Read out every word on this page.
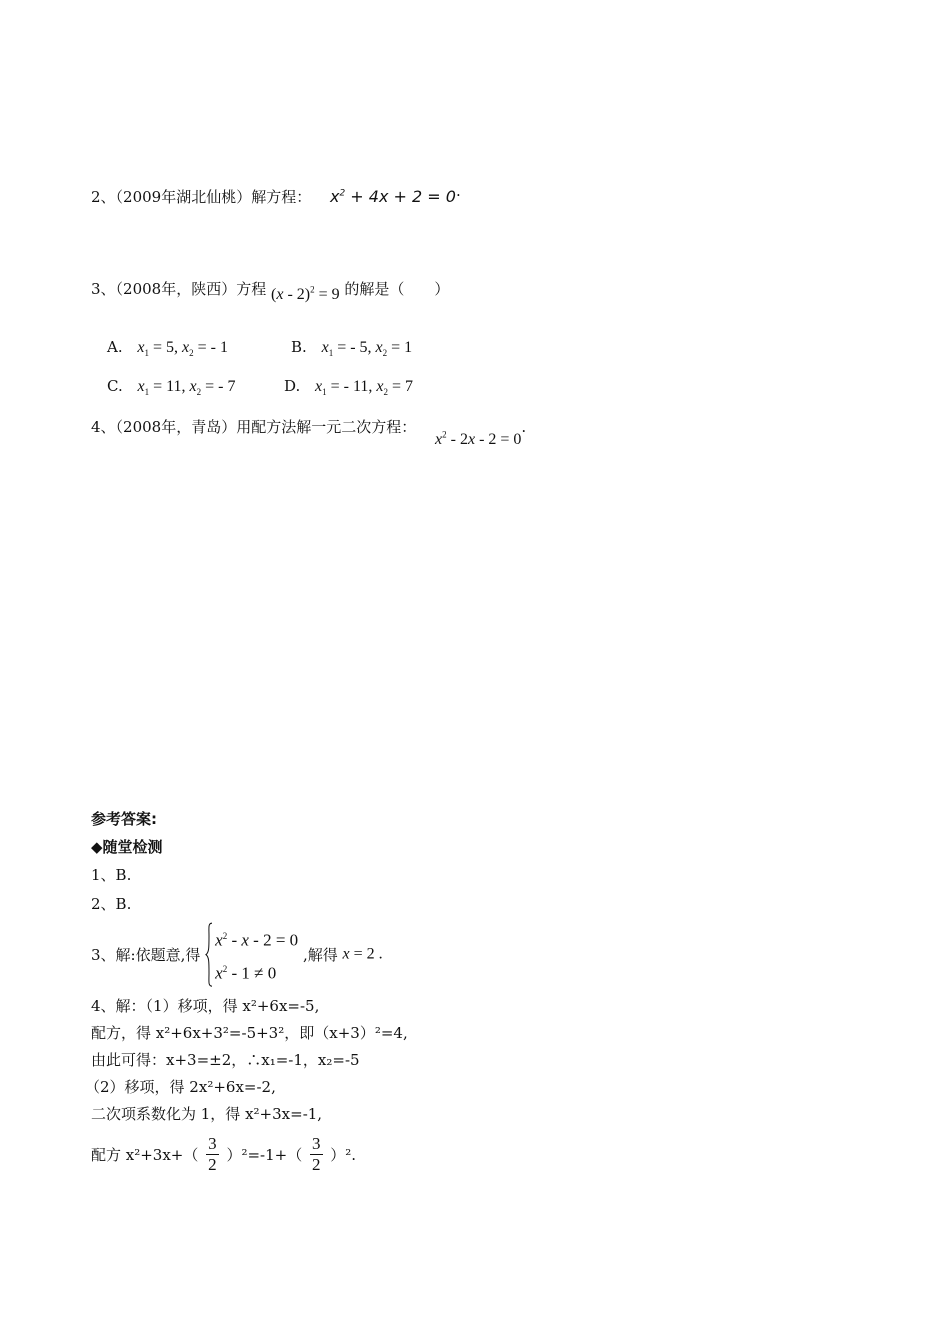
2、（2009年湖北仙桃）解方程： $x^2 + 4x + 2 = 0$.
3、（2008年，陕西）方程 (x - 2)$^2$ = 9 的解是（　　）
A. $x_1 = 5$, $x_2$ = - 1	B. $x_1$ = - 5, $x_2 = 1$
C. $x_1 = 11$, $x_2$ = - 7	D. $x_1$ = - 11, $x_2 = 7$
4、（2008年，青岛）用配方法解一元二次方程： $x^2 - 2x - 2 = 0$.
参考答案:
◆随堂检测
1、B.
2、B.
3、解:依题意,得
$x^2 - x - 2 = 0$
$x^2 - 1 \ne 0$
,解得 x = 2 .
4、解：（1）移项，得 x²+6x=-5,
配方，得 x²+6x+3²=-5+3²，即（x+3）²=4,
由此可得：x+3=±2，∴x₁=-1，x₂=-5
（2）移项，得 2x²+6x=-2,
二次项系数化为 1，得 x²+3x=-1,
配方 $x^2+3x+( \frac{3}{2} )^2=-1+( \frac{3}{2} )^2$.
